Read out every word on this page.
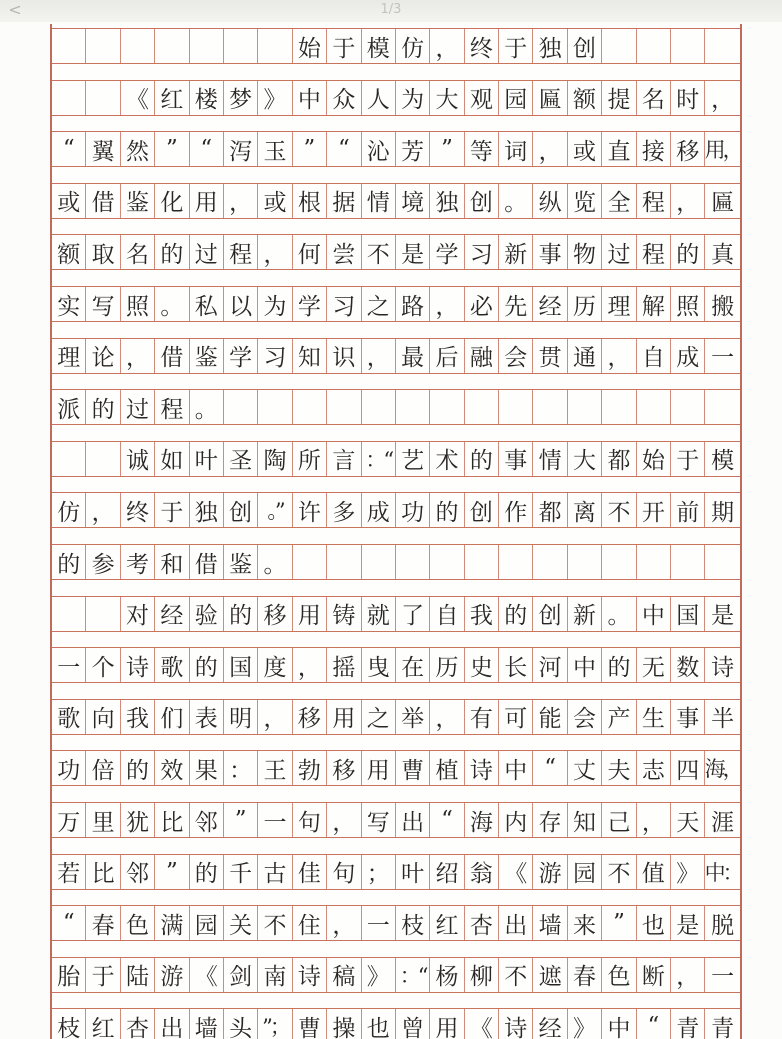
<	1/3
始 于 模 仿 ， 终 于 独 创
《 红 楼 梦 》 中 众 人 为 大 观 园 匾 额 提 名 时 ，
“ 翼 然 ” “ 泻 玉 ” “ 沁 芳 ” 等 词 ， 或 直 接 移 用，
或 借 鉴 化 用 ， 或 根 据 情 境 独 创 。 纵 览 全 程 ， 匾
额 取 名 的 过 程 ， 何 尝 不 是 学 习 新 事 物 过 程 的 真
实 写 照 。 私 以 为 学 习 之 路 ， 必 先 经 历 理 解 照 搬
理 论 ， 借 鉴 学 习 知 识 ， 最 后 融 会 贯 通 ， 自 成 一
派 的 过 程 。
诚 如 叶 圣 陶 所 言 ：“ 艺 术 的 事 情 大 都 始 于 模
仿 ， 终 于 独 创 。” 许 多 成 功 的 创 作 都 离 不 开 前 期
的 参 考 和 借 鉴 。
对 经 验 的 移 用 铸 就 了 自 我 的 创 新 。 中 国 是
一 个 诗 歌 的 国 度 ， 摇 曳 在 历 史 长 河 中 的 无 数 诗
歌 向 我 们 表 明 ， 移 用 之 举 ， 有 可 能 会 产 生 事 半
功 倍 的 效 果 ： 王 勃 移 用 曹 植 诗 中 “ 丈 夫 志 四 海，
万 里 犹 比 邻 ” 一 句 ， 写 出 “ 海 内 存 知 己 ， 天 涯
若 比 邻 ” 的 千 古 佳 句 ； 叶 绍 翁 《 游 园 不 值 》 中：
“ 春 色 满 园 关 不 住 ， 一 枝 红 杏 出 墙 来 ” 也 是 脱
胎 于 陆 游 《 剑 南 诗 稿 》 ：“ 杨 柳 不 遮 春 色 断 ， 一
枝 红 杏 出 墙 头 ”； 曹 操 也 曾 用 《 诗 经 》 中 “ 青 青
